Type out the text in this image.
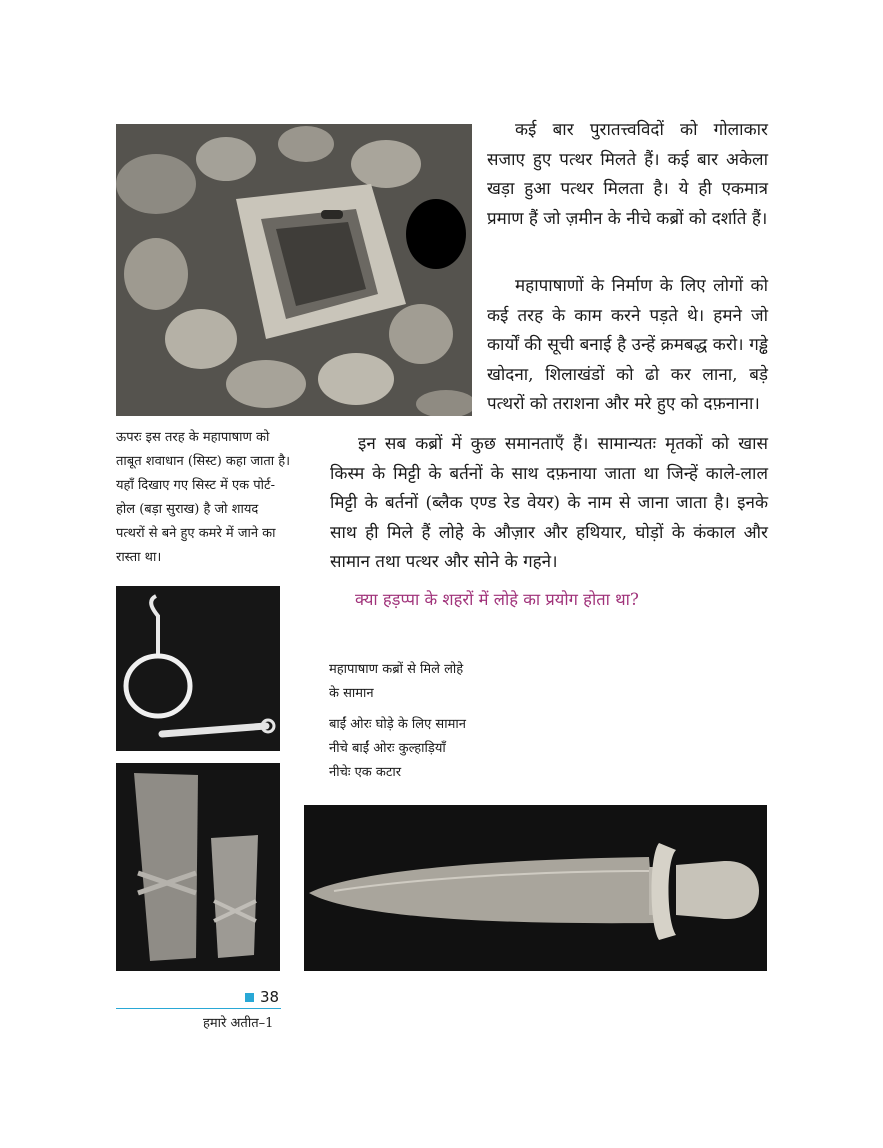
ऊपरः इस तरह के महापाषाण को ताबूत शवाधान (सिस्ट) कहा जाता है। यहाँ दिखाए गए सिस्ट में एक पोर्ट-होल (बड़ा सुराख) है जो शायद पत्थरों से बने हुए कमरे में जाने का रास्ता था।

कई बार पुरातत्त्वविदों को गोलाकार सजाए हुए पत्थर मिलते हैं। कई बार अकेला खड़ा हुआ पत्थर मिलता है। ये ही एकमात्र प्रमाण हैं जो ज़मीन के नीचे कब्रों को दर्शाते हैं।

महापाषाणों के निर्माण के लिए लोगों को कई तरह के काम करने पड़ते थे। हमने जो कार्यों की सूची बनाई है उन्हें क्रमबद्ध करो। गड्ढे खोदना, शिलाखंडों को ढो कर लाना, बड़े पत्थरों को तराशना और मरे हुए को दफ़नाना।

इन सब कब्रों में कुछ समानताएँ हैं। सामान्यतः मृतकों को खास किस्म के मिट्टी के बर्तनों के साथ दफ़नाया जाता था जिन्हें काले-लाल मिट्टी के बर्तनों (ब्लैक एण्ड रेड वेयर) के नाम से जाना जाता है। इनके साथ ही मिले हैं लोहे के औज़ार और हथियार, घोड़ों के कंकाल और सामान तथा पत्थर और सोने के गहने।

क्या हड़प्पा के शहरों में लोहे का प्रयोग होता था?

महापाषाण कब्रों से मिले लोहे

के सामान

बाईं ओरः घोड़े के लिए सामान

नीचे बाईं ओरः कुल्हाड़ियाँ

नीचेः एक कटार

38
हमारे अतीत–1
